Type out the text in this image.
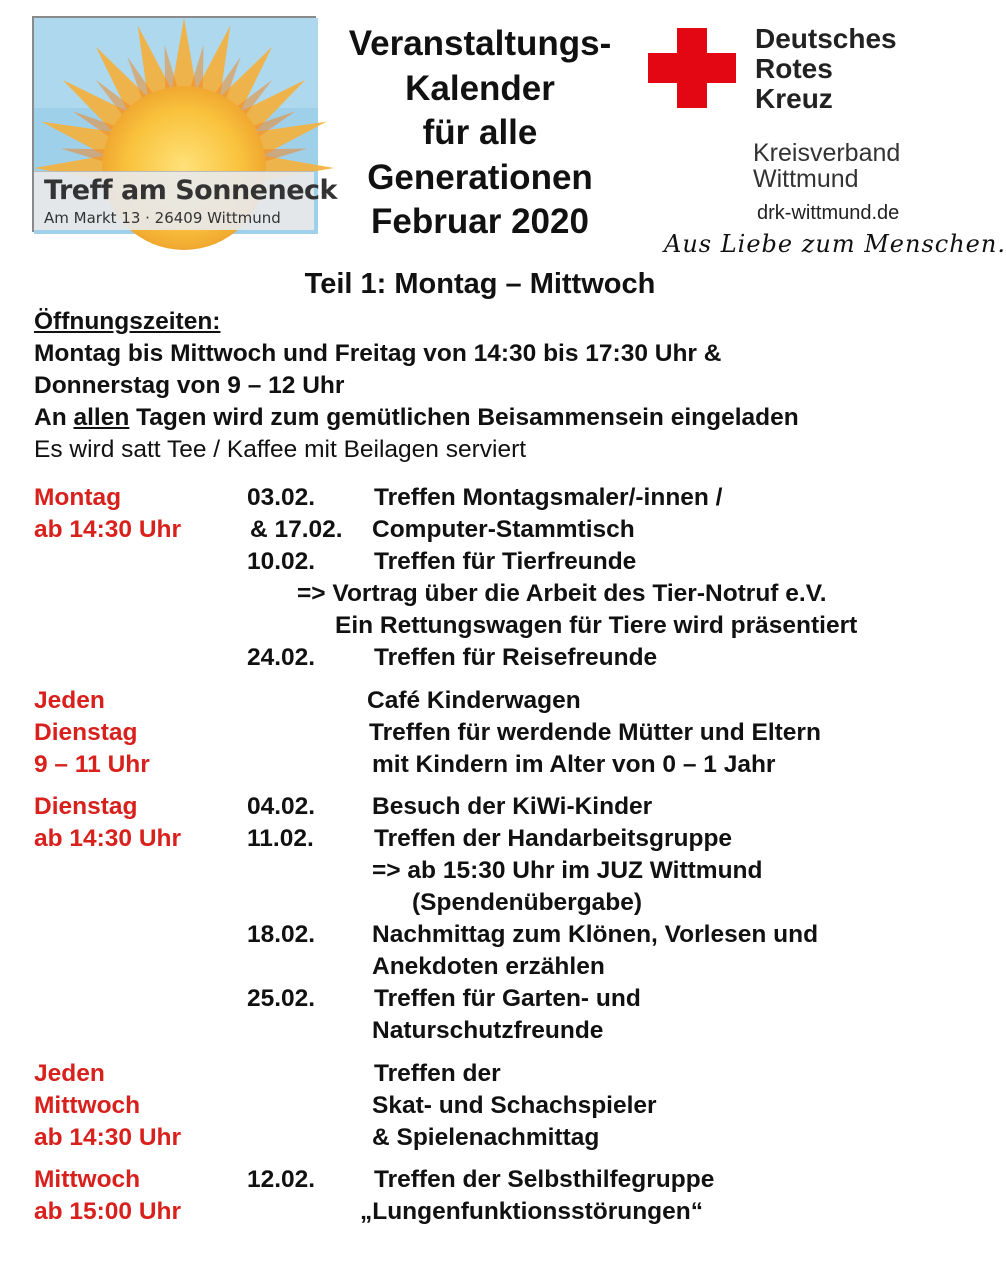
Treff am Sonneneck
Am Markt 13 · 26409 Wittmund
Veranstaltungs-
Kalender
für alle
Generationen
Februar 2020
Deutsches
Rotes
Kreuz
Kreisverband
Wittmund
drk-wittmund.de
Aus Liebe zum Menschen.
Teil 1: Montag – Mittwoch
Öffnungszeiten:
Montag bis Mittwoch und Freitag von 14:30 bis 17:30 Uhr &
Donnerstag von 9 – 12 Uhr
An allen Tagen wird zum gemütlichen Beisammensein eingeladen
Es wird satt Tee / Kaffee mit Beilagen serviert
Montag
ab 14:30 Uhr
03.02. Treffen Montagsmaler/-innen /
& 17.02. Computer-Stammtisch
10.02. Treffen für Tierfreunde
=> Vortrag über die Arbeit des Tier-Notruf e.V.
Ein Rettungswagen für Tiere wird präsentiert
24.02. Treffen für Reisefreunde
Jeden
Dienstag
9 – 11 Uhr
Café Kinderwagen
Treffen für werdende Mütter und Eltern
mit Kindern im Alter von 0 – 1 Jahr
Dienstag
ab 14:30 Uhr
04.02. Besuch der KiWi-Kinder
11.02. Treffen der Handarbeitsgruppe
=> ab 15:30 Uhr im JUZ Wittmund
(Spendenübergabe)
18.02. Nachmittag zum Klönen, Vorlesen und
Anekdoten erzählen
25.02. Treffen für Garten- und
Naturschutzfreunde
Jeden
Mittwoch
ab 14:30 Uhr
Treffen der
Skat- und Schachspieler
& Spielenachmittag
Mittwoch
ab 15:00 Uhr
12.02. Treffen der Selbsthilfegruppe
„Lungenfunktionsstörungen“
